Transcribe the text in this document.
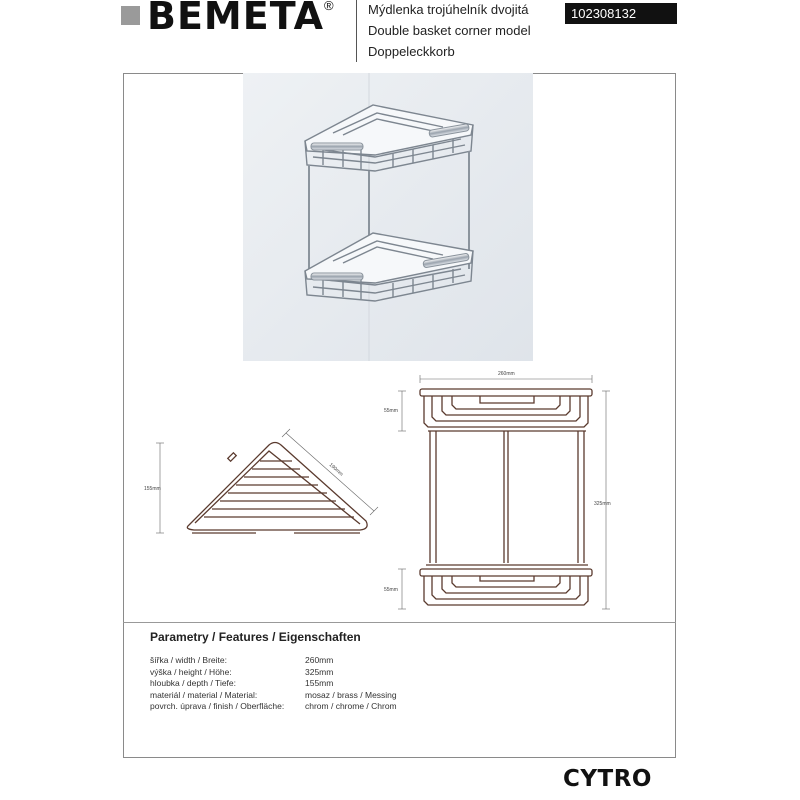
BEMETA ®	Mýdlenka trojúhelník dvojitá
Double basket corner model
Doppeleckkorb
102308132
155mm
190mm
260mm
55mm
55mm
325mm
Parametry / Features / Eigenschaften
šířka / width / Breite:	260mm
výška / height / Höhe:	325mm
hloubka / depth / Tiefe:	155mm
materiál / material / Material:	mosaz / brass / Messing
povrch. úprava / finish / Oberfläche: chrom / chrome / Chrom
CYTRO
